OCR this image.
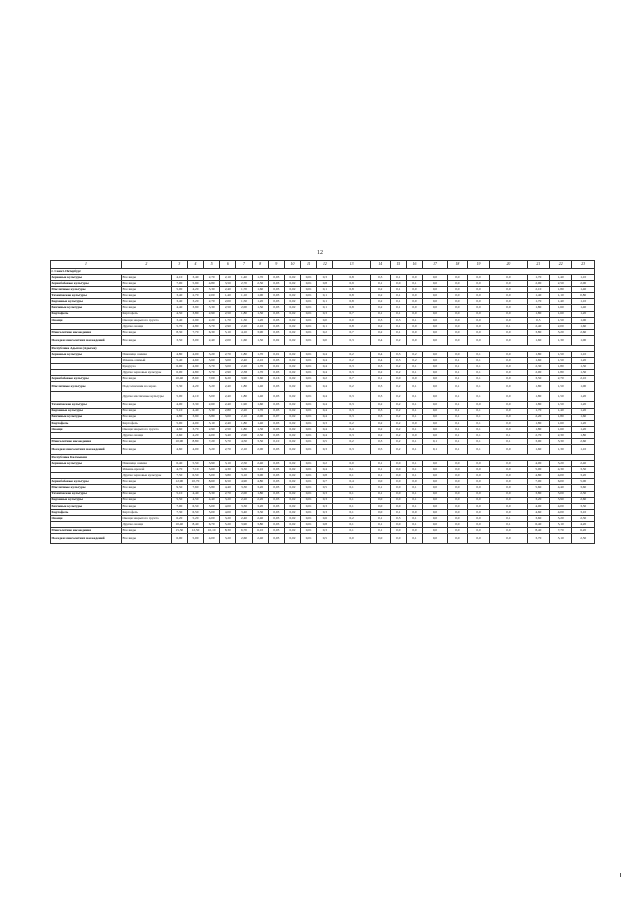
12
1	2	3	4	5	6	7	8	9	10	11	12	13	14	15	16	17	18	19	20	21	22	23
г. Санкт-Петербург																						
Зерновые культуры	Все виды	4,10	3,40	2,70	2,10	1,40	1,70	0,03	0,02	0,01	0,3	0,8	0,3	0,1	0,0	0,0	0,0	0,0	0,0	1,70	1,40	1,10
Зернобобовые культуры	Все виды	7,00	5,90	4,80	3,50	2,70	2,50	0,03	0,02	0,01	0,8	0,9	0,1	0,0	0,1	0,0	0,0	0,0	0,0	2,90	2,50	2,00
Масличные культуры	Все виды	5,00	4,20	3,30	2,40	1,70	1,60	0,03	0,02	0,01	0,1	0,8	0,2	0,1	0,0	0,0	0,0	0,0	0,0	2,10	1,80	1,40
Технические культуры	Все виды	3,40	2,70	2,00	1,40	1,10	1,00	0,03	0,02	0,01	0,1	0,8	0,2	0,1	0,0	0,0	0,0	0,0	0,0	1,40	1,10	0,80
Кормовые культуры	Все виды	3,40	3,20	2,70	2,00	1,50	1,20	0,03	0,02	0,01	0,1	0,8	0,2	0,1	0,0	0,0	0,0	0,0	0,0	1,70	1,40	1,10
Бахчевые культуры	Все виды	4,40	3,90	3,30	2,50	2,00	1,50	0,03	0,02	0,01	0,1	0,8	0,2	0,1	0,0	0,0	0,0	0,0	0,0	1,80	1,60	1,40
Картофель	Картофель	4,50	3,80	2,90	2,50	1,80	1,50	0,03	0,02	0,01	0,3	0,7	0,1	0,1	0,0	0,0	0,0	0,0	0,0	1,80	1,60	1,20
Овощи	Овощи закрытого грунта	3,40	2,90	2,20	1,70	1,30	1,20	0,03	0,02	0,01	0,0	0,0	0,3	0,3	0,1	0,0	0,0	0,0	0,0	0,5	1,50	1,00
	Другие овощи	5,70	4,80	3,70	2,90	2,20	2,10	0,03	0,02	0,01	0,1	0,8	0,2	0,1	0,0	0,0	0,0	0,0	0,1	2,40	2,00	1,60
Многолетние насаждения	Все виды	8,30	7,70	6,30	5,10	4,10	3,90	0,03	0,02	0,01	0,2	0,7	0,2	0,1	0,0	0,0	0,0	0,0	0,0	3,80	3,20	2,60
Посадки многолетних насаждений	Все виды	3,50	3,00	2,40	2,00	1,60	1,50	0,02	0,02	0,01	0,0	0,3	0,4	0,2	0,0	0,0	0,0	0,0	0,0	1,60	1,30	1,00
Республика Адыгея (Адыгея)																						
Зерновые культуры	Пшеница озимая	4,80	4,00	3,20	2,70	1,80	1,70	0,01	0,02	0,01	0,4	0,2	0,4	0,3	0,2	0,0	0,0	0,1	0,0	1,80	1,50	1,10
	Ячмень озимый	5,40	4,60	3,60	3,00	2,40	2,10	0,03	0,02	0,01	0,4	0,2	0,4	0,3	0,2	0,0	0,1	0,1	0,0	1,60	1,50	1,20
	Кукуруза	6,00	4,90	3,70	3,00	2,20	1,70	0,01	0,02	0,01	0,4	0,3	0,3	0,2	0,1	0,0	0,1	0,1	0,0	2,30	1,80	1,30
	Другие зерновые культуры	6,00	4,80	3,70	2,90	2,38	1,70	0,03	0,02	0,01	0,4	0,3	0,2	0,2	0,1	0,0	0,1	0,1	0,0	2,00	1,80	1,30
Зернобобовые культуры	Все виды	10,40	8,60	7,00	6,20	3,90	3,60	0,16	0,02	0,01	0,2	0,7	0,1	0,0	0,0	0,0	0,1	0,1	0,0	3,50	2,70	2,10
Масличные культуры	Подсолнечник на зерно	5,30	4,20	3,20	2,40	1,80	1,40	0,03	0,02	0,01	0,4	0,2	0,3	0,2	0,1	0,0	0,1	0,1	0,0	1,80	1,50	1,00
	Другие масличные культуры	5,00	4,10	3,00	2,40	1,80	1,40	0,03	0,02	0,01	0,4	0,3	0,3	0,2	0,1	0,0	0,1	0,1	0,0	1,80	1,50	1,20
Технические культуры	Все виды	4,00	3,30	2,60	2,40	1,90	1,60	0,03	0,02	0,01	0,4	0,3	0,2	0,2	0,1	0,0	0,1	0,0	0,0	1,80	1,50	1,20
Кормовые культуры	Все виды	5,10	4,40	3,30	2,80	2,20	1,70	0,03	0,02	0,01	0,4	0,3	0,3	0,2	0,1	0,0	0,1	0,1	0,0	1,70	1,40	1,20
Бахчевые культуры	Все виды	4,80	3,90	3,80	3,00	2,10	2,00	0,07	0,02	0,01	0,4	0,3	0,3	0,2	0,1	0,0	0,1	0,1	0,0	2,20	1,80	1,60
Картофель	Картофель	5,00	4,00	3,10	2,40	1,80	1,40	0,03	0,02	0,01	0,3	0,2	0,2	0,2	0,0	0,0	0,1	0,1	0,0	1,80	1,60	1,20
Овощи	Овощи закрытого грунта	4,60	3,70	2,90	2,50	1,80	1,30	0,03	0,02	0,01	0,4	0,4	0,2	0,2	0,1	0,0	0,1	0,1	0,0	1,80	1,60	1,20
	Другие овощи	2,60	4,20	4,00	3,40	2,90	2,50	0,03	0,02	0,01	0,4	0,3	0,2	0,2	0,0	0,0	0,1	0,1	0,1	2,70	2,30	1,80
Многолетние насаждения	Все виды	10,90	8,80	7,20	5,70	4,50	3,50	0,10	0,02	0,01	0,5	0,2	0,3	0,2	0,1	0,1	0,1	0,1	0,1	3,90	3,30	2,60
Посадки многолетних насаждений	Все виды	4,60	4,00	3,20	2,70	2,10	2,00	0,03	0,02	0,01	0,3	0,3	0,5	0,2	0,1	0,1	0,1	0,1	0,0	1,60	1,30	1,10
Республика Калмыкия																						
Зерновые культуры	Пшеница озимая	6,40	5,50	3,90	3,10	2,50	2,40	0,03	0,02	0,01	0,2	0,0	0,1	0,0	0,1	0,0	0,0	0,0	0,0	4,00	3,20	2,40
	Ячмень яровой	4,70	7,10	5,60	4,30	3,30	3,10	0,03	0,02	0,01	0,4	0,1	0,1	0,0	0,1	0,0	0,0	0,0	0,0	5,00	4,30	3,50
	Другие зерновые культуры	7,50	6,50	5,00	3,80	3,10	3,00	0,03	0,02	0,01	0,8	0,1	0,1	0,0	0,1	0,0	0,0	0,0	0,0	4,80	4,00	3,20
Зернобобовые культуры	Все виды	12,90	10,70	8,60	6,50	4,90	4,80	0,03	0,02	0,01	0,7	0,4	0,0	0,0	0,0	0,0	0,0	0,0	0,0	7,00	6,00	5,00
Масличные культуры	Все виды	9,50	7,60	5,80	4,40	3,30	3,20	0,03	0,02	0,01	0,5	0,1	0,1	0,0	0,1	0,0	0,0	0,0	0,0	5,60	4,40	3,60
Технические культуры	Все виды	5,10	4,40	3,30	2,70	2,00	1,80	0,03	0,02	0,01	0,3	0,1	0,1	0,0	0,1	0,0	0,0	0,0	0,0	3,80	3,00	2,30
Кормовые культуры	Все виды	5,50	4,50	4,40	3,20	2,20	2,20	0,03	0,02	0,01	0,3	0,1	0,0	0,0	0,1	0,0	0,0	0,0	0,0	3,20	3,90	2,60
Бахчевые культуры	Все виды	7,00	6,50	5,00	4,00	3,30	3,20	0,03	0,02	0,01	0,3	0,1	0,0	0,0	0,1	0,0	0,0	0,0	0,0	4,00	4,00	3,50
Картофель	Картофель	7,30	6,50	5,00	4,00	3,40	3,30	0,03	0,02	0,01	0,3	0,1	0,0	0,1	0,0	0,0	0,0	0,0	0,0	4,60	4,00	3,10
Овощи	Овощи закрытого грунта	6,20	5,20	4,00	3,20	2,40	2,40	0,03	0,02	0,01	0,6	0,2	0,1	0,3	0,1	0,0	0,0	0,0	0,1	3,60	3,20	2,30
	Другие овощи	10,40	8,40	6,70	5,20	3,90	3,80	0,03	0,02	0,01	0,8	0,1	0,1	0,0	0,1	0,0	0,0	0,0	0,1	6,40	5,10	4,20
Многолетние насаждения	Все виды	15,30	12,50	10,10	8,30	6,70	6,10	0,03	0,02	0,01	0,3	0,1	0,1	0,0	0,0	0,0	0,0	0,0	0,0	8,40	7,70	6,20
Посадки многолетних насаждений	Все виды	6,90	5,00	4,00	3,20	2,60	2,40	0,03	0,02	0,01	0,5	0,0	0,0	0,0	0,1	0,0	0,0	0,0	0,0	3,70	3,10	2,50
